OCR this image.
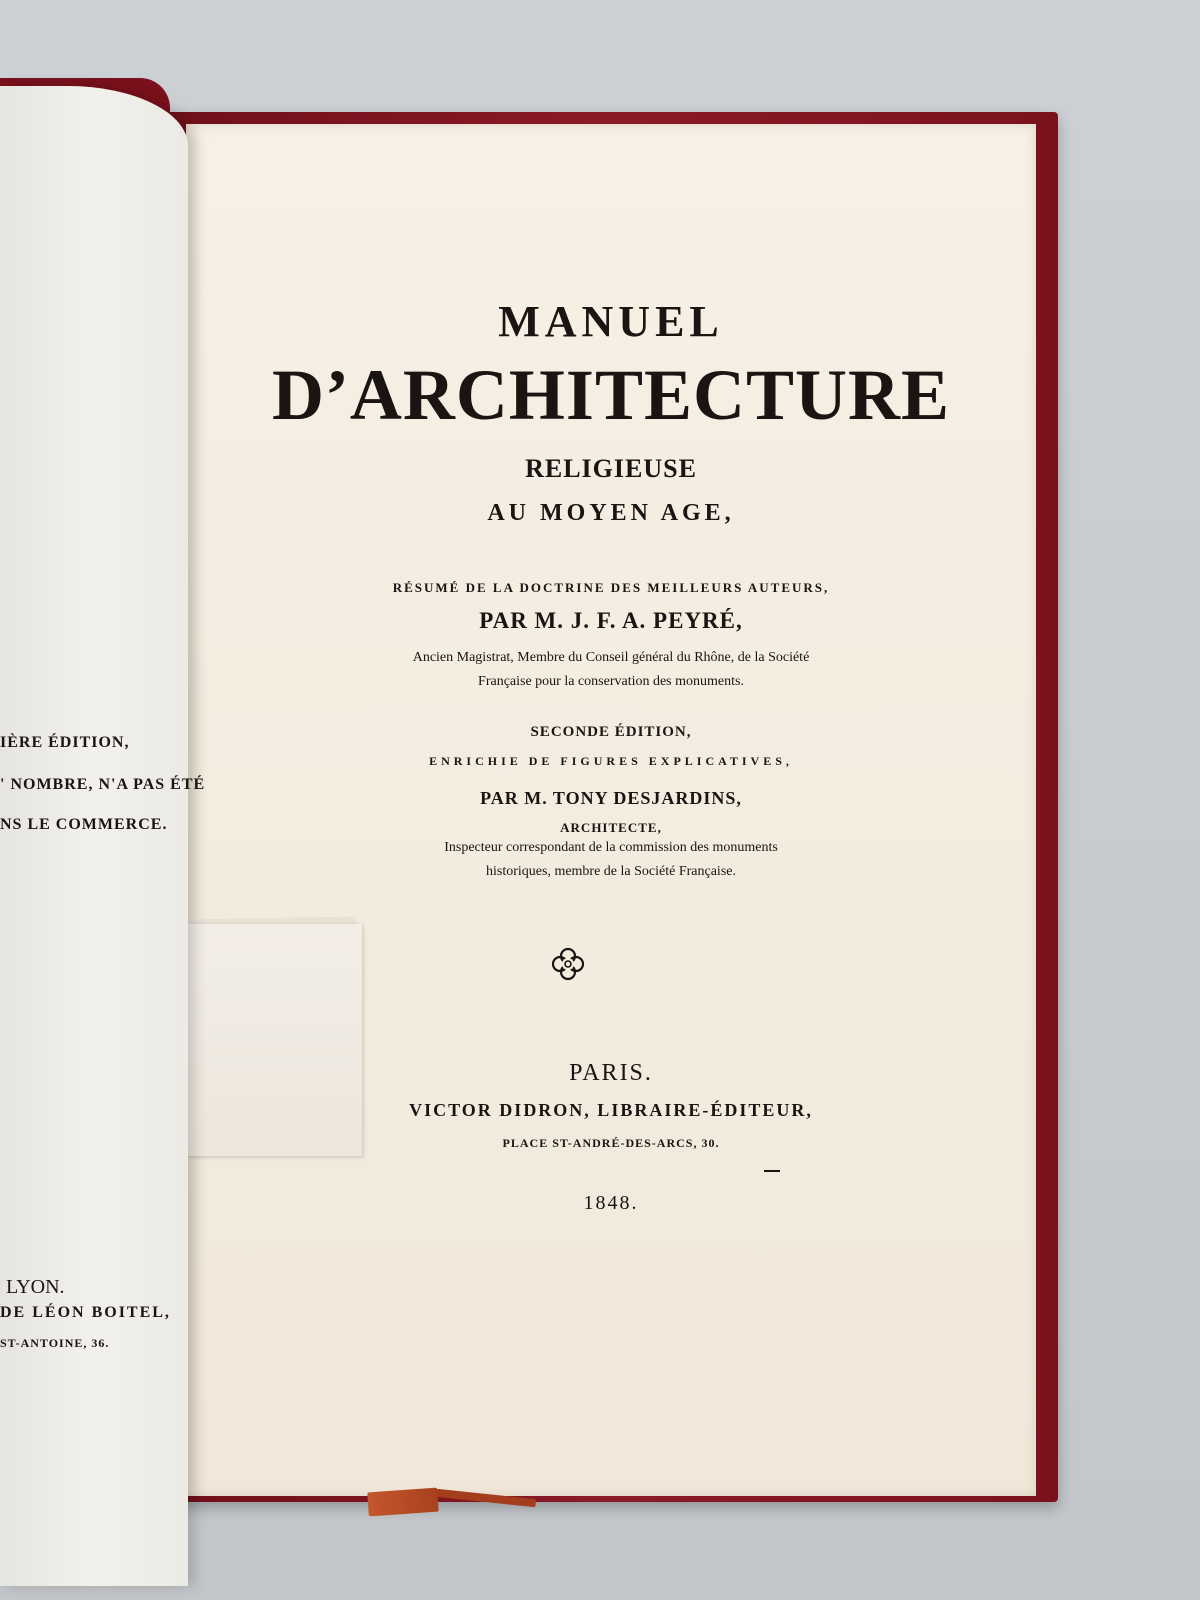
MANUEL
D’ARCHITECTURE
RELIGIEUSE
AU MOYEN AGE,
RÉSUMÉ DE LA DOCTRINE DES MEILLEURS AUTEURS,
PAR M. J. F. A. PEYRÉ,
Ancien Magistrat, Membre du Conseil général du Rhône, de la Société
Française pour la conservation des monuments.
SECONDE ÉDITION,
ENRICHIE DE FIGURES EXPLICATIVES,
PAR M. TONY DESJARDINS,
ARCHITECTE,
Inspecteur correspondant de la commission des monuments
historiques, membre de la Société Française.
PARIS.
VICTOR DIDRON, LIBRAIRE-ÉDITEUR,
PLACE ST-ANDRÉ-DES-ARCS, 30.
1848.
IÈRE ÉDITION,
' NOMBRE, N'A PAS ÉTÉ
NS LE COMMERCE.
LYON.
DE LÉON BOITEL,
ST-ANTOINE, 36.
